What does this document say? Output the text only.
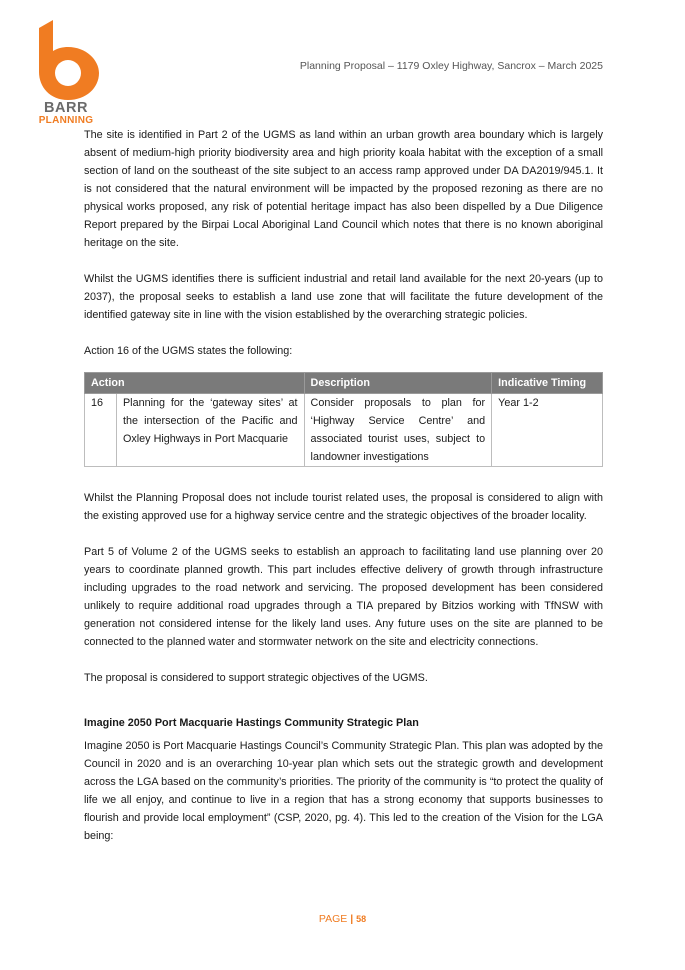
BARR
PLANNING
Planning Proposal – 1179 Oxley Highway, Sancrox – March 2025

The site is identified in Part 2 of the UGMS as land within an urban growth area boundary which is largely absent of medium-high priority biodiversity area and high priority koala habitat with the exception of a small section of land on the southeast of the site subject to an access ramp approved under DA DA2019/945.1. It is not considered that the natural environment will be impacted by the proposed rezoning as there are no physical works proposed, any risk of potential heritage impact has also been dispelled by a Due Diligence Report prepared by the Birpai Local Aboriginal Land Council which notes that there is no known aboriginal heritage on the site.

Whilst the UGMS identifies there is sufficient industrial and retail land available for the next 20-years (up to 2037), the proposal seeks to establish a land use zone that will facilitate the future development of the identified gateway site in line with the vision established by the overarching strategic policies.

Action 16 of the UGMS states the following:

Action		Description	Indicative Timing
16	Planning for the ‘gateway sites’ at the intersection of the Pacific and Oxley Highways in Port Macquarie	Consider proposals to plan for ‘Highway Service Centre’ and associated tourist uses, subject to landowner investigations	Year 1-2

Whilst the Planning Proposal does not include tourist related uses, the proposal is considered to align with the existing approved use for a highway service centre and the strategic objectives of the broader locality.

Part 5 of Volume 2 of the UGMS seeks to establish an approach to facilitating land use planning over 20 years to coordinate planned growth. This part includes effective delivery of growth through infrastructure including upgrades to the road network and servicing. The proposed development has been considered unlikely to require additional road upgrades through a TIA prepared by Bitzios working with TfNSW with generation not considered intense for the likely land uses. Any future uses on the site are planned to be connected to the planned water and stormwater network on the site and electricity connections.

The proposal is considered to support strategic objectives of the UGMS.

Imagine 2050 Port Macquarie Hastings Community Strategic Plan

Imagine 2050 is Port Macquarie Hastings Council’s Community Strategic Plan. This plan was adopted by the Council in 2020 and is an overarching 10-year plan which sets out the strategic growth and development across the LGA based on the community’s priorities. The priority of the community is “to protect the quality of life we all enjoy, and continue to live in a region that has a strong economy that supports businesses to flourish and provide local employment” (CSP, 2020, pg. 4). This led to the creation of the Vision for the LGA being:

PAGE | 58
